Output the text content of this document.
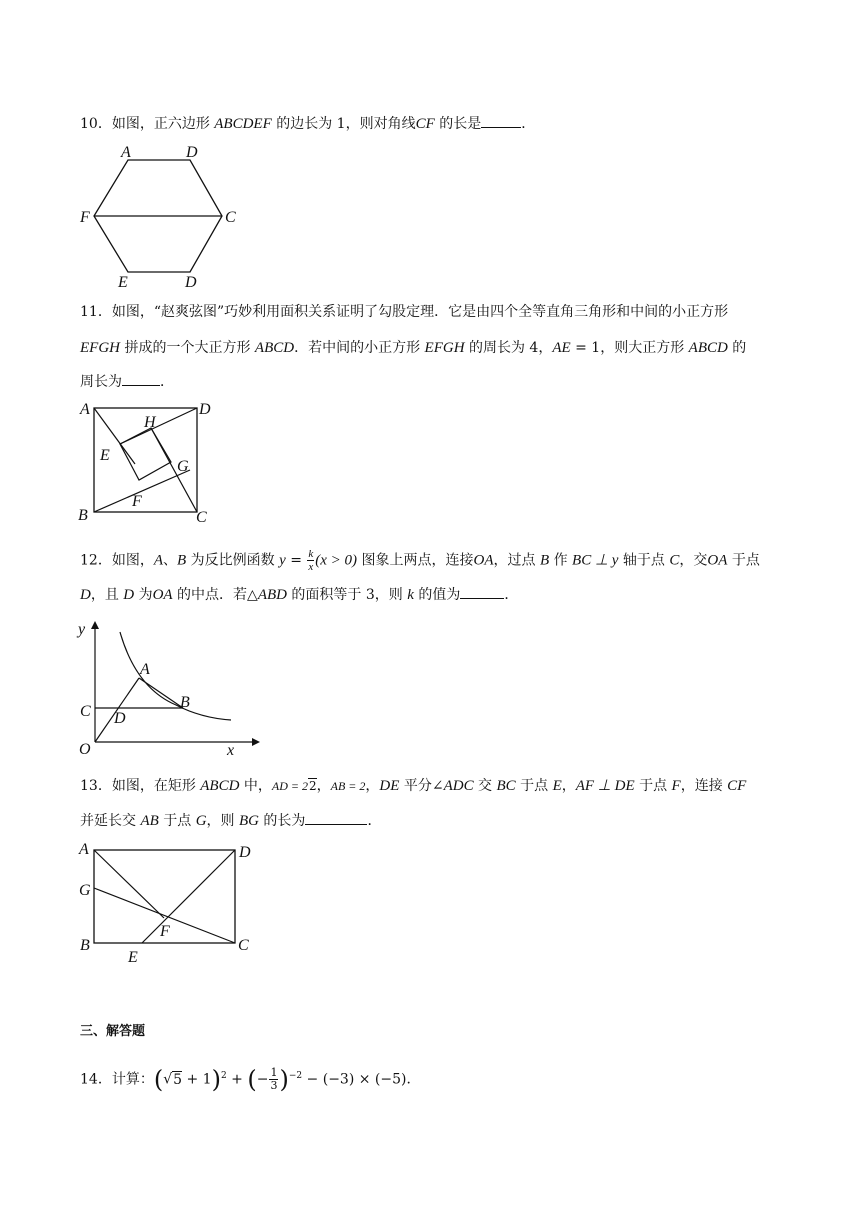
10．如图，正六边形 ABCDEF 的边长为 1，则对角线CF 的长是	．
A	D
F	C
E	D
11．如图，“赵爽弦图”巧妙利用面积关系证明了勾股定理．它是由四个全等直角三角形和中间的小正方形
EFGH 拼成的一个大正方形 ABCD．若中间的小正方形 EFGH 的周长为 4，AE = 1，则大正方形 ABCD 的
周长为	．
A	D
H
E
G
F
B	C
12．如图，A、B 为反比例函数 $y = \frac{k}{x} (x > 0)$ 图象上两点，连接OA，过点 B 作 BC ⊥ y 轴于点 C，交OA 于点
D，且 D 为OA 的中点．若△ABD 的面积等于 3，则 k 的值为	．
y
A
B
C D
O	x
13．如图，在矩形 ABCD 中，AD = 22，AB = 2，DE 平分∠ADC 交 BC 于点 E，AF ⊥ DE 于点 F，连接 CF
并延长交 AB 于点 G，则 BG 的长为	．
A	D
G
F
B
E
C
三、解答题
14．计算：$(√5 + 1)^2$ + (− $\frac{1}{3} )^{-2} - (-3) \times (-5)$．
